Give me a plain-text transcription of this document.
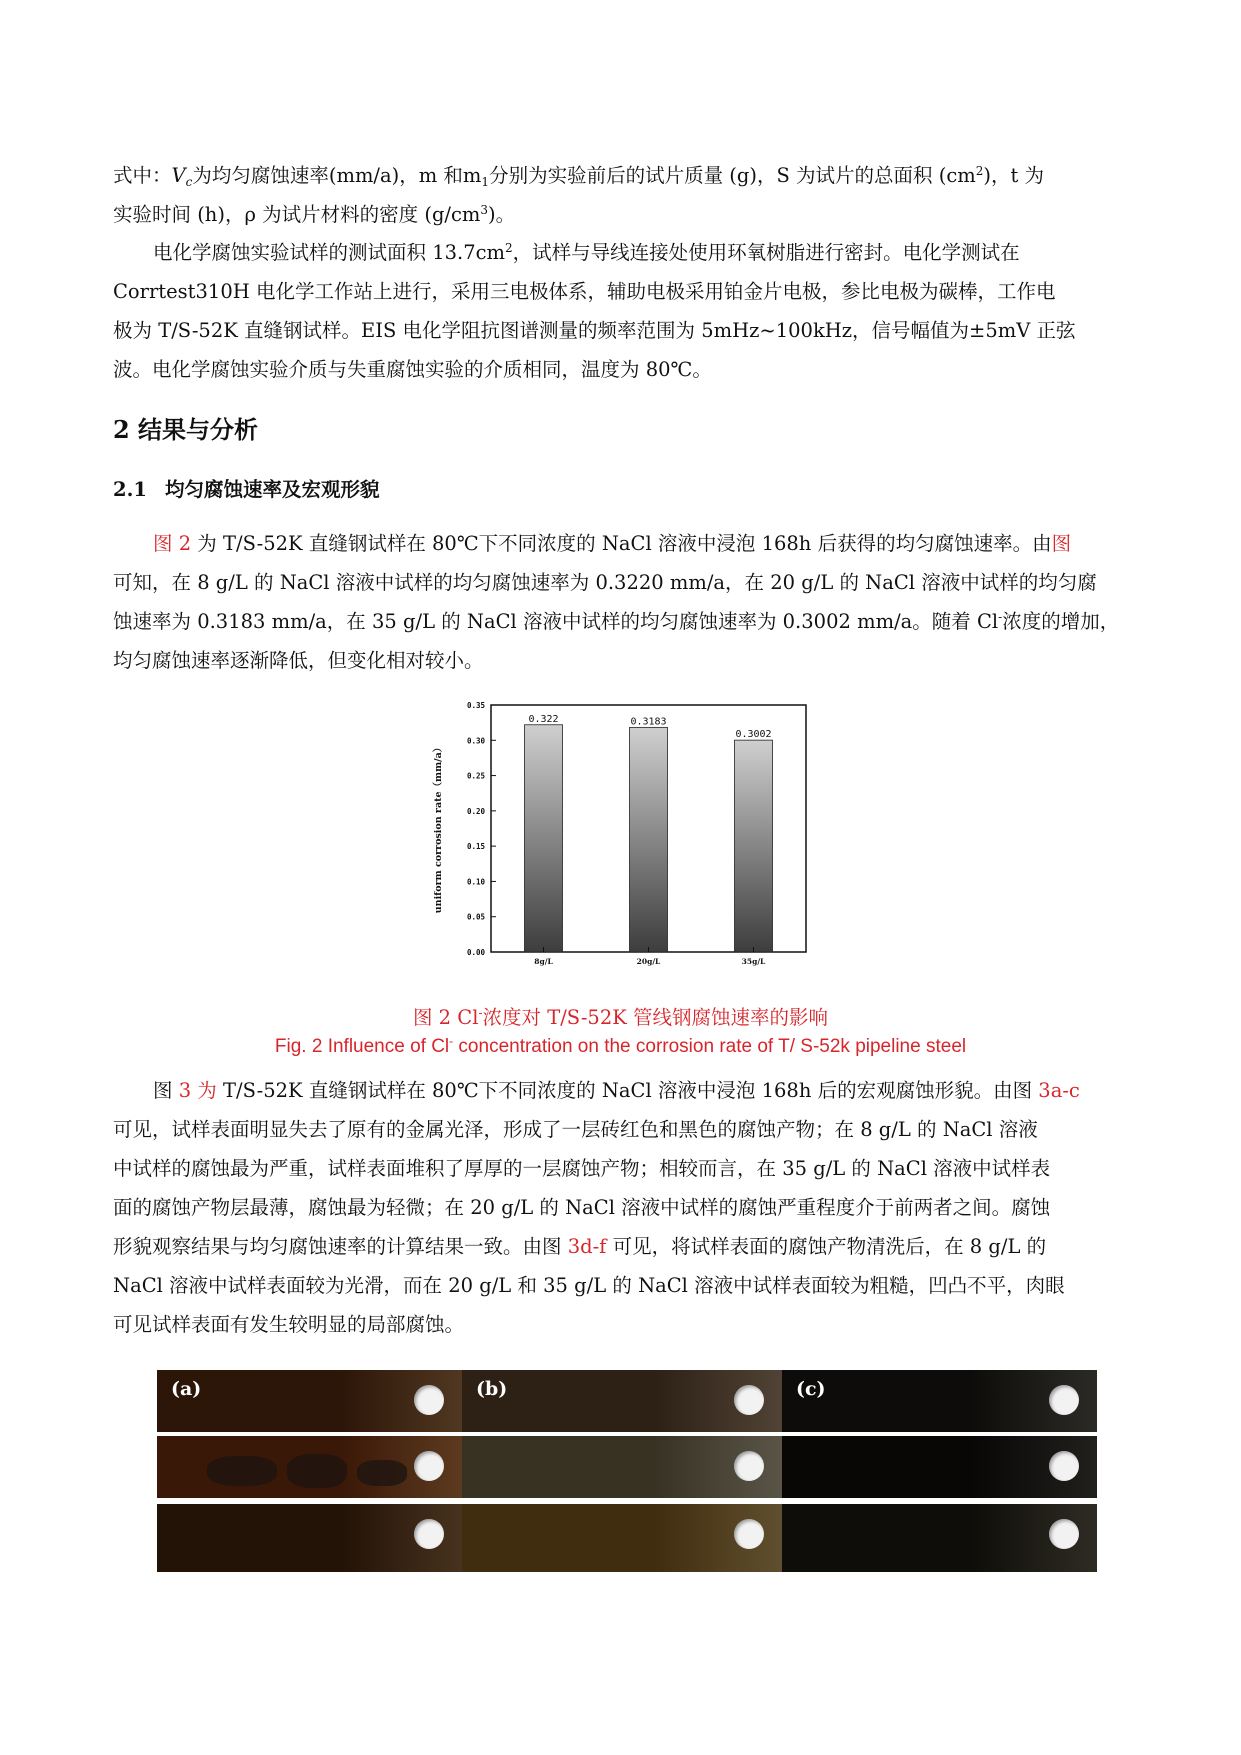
式中：$V_c$为均匀腐蚀速率(mm/a)，m 和$m_1$分别为实验前后的试片质量 (g)，S 为试片的总面积 $(cm^2)$，t 为
实验时间 (h)，ρ 为试片材料的密度 $(g/cm^3)$。

电化学腐蚀实验试样的测试面积 $13.7cm^2$，试样与导线连接处使用环氧树脂进行密封。电化学测试在
Corrtest310H 电化学工作站上进行，采用三电极体系，辅助电极采用铂金片电极，参比电极为碳棒，工作电
极为 T/S-52K 直缝钢试样。EIS 电化学阻抗图谱测量的频率范围为 5mHz~100kHz，信号幅值为±5mV 正弦
波。电化学腐蚀实验介质与失重腐蚀实验的介质相同，温度为 80℃。

2 结果与分析
2.1 均匀腐蚀速率及宏观形貌

图 2 为 T/S-52K 直缝钢试样在 80℃下不同浓度的 NaCl 溶液中浸泡 168h 后获得的均匀腐蚀速率。由图
可知，在 8 g/L 的 NaCl 溶液中试样的均匀腐蚀速率为 0.3220 mm/a，在 20 g/L 的 NaCl 溶液中试样的均匀腐
蚀速率为 0.3183 mm/a，在 35 g/L 的 NaCl 溶液中试样的均匀腐蚀速率为 0.3002 mm/a。随着 Cl-浓度的增加，
均匀腐蚀速率逐渐降低，但变化相对较小。

0.00
0.05
0.10
0.15
0.20
0.25
0.30
0.35
0.322	0.3183
0.3002
8g/L	20g/L	35g/L
uniform corrosion rate（mm/a）

图 2 Cl-浓度对 T/S-52K 管线钢腐蚀速率的影响

Fig. 2 Influence of Cl- concentration on the corrosion rate of T/ S-52k pipeline steel

图 3 为 T/S-52K 直缝钢试样在 80℃下不同浓度的 NaCl 溶液中浸泡 168h 后的宏观腐蚀形貌。由图 3a-c
可见，试样表面明显失去了原有的金属光泽，形成了一层砖红色和黑色的腐蚀产物；在 8 g/L 的 NaCl 溶液
中试样的腐蚀最为严重，试样表面堆积了厚厚的一层腐蚀产物；相较而言，在 35 g/L 的 NaCl 溶液中试样表
面的腐蚀产物层最薄，腐蚀最为轻微；在 20 g/L 的 NaCl 溶液中试样的腐蚀严重程度介于前两者之间。腐蚀
形貌观察结果与均匀腐蚀速率的计算结果一致。由图 3d-f 可见，将试样表面的腐蚀产物清洗后，在 8 g/L 的
NaCl 溶液中试样表面较为光滑，而在 20 g/L 和 35 g/L 的 NaCl 溶液中试样表面较为粗糙，凹凸不平，肉眼
可见试样表面有发生较明显的局部腐蚀。

(a)	(b)	(c)
